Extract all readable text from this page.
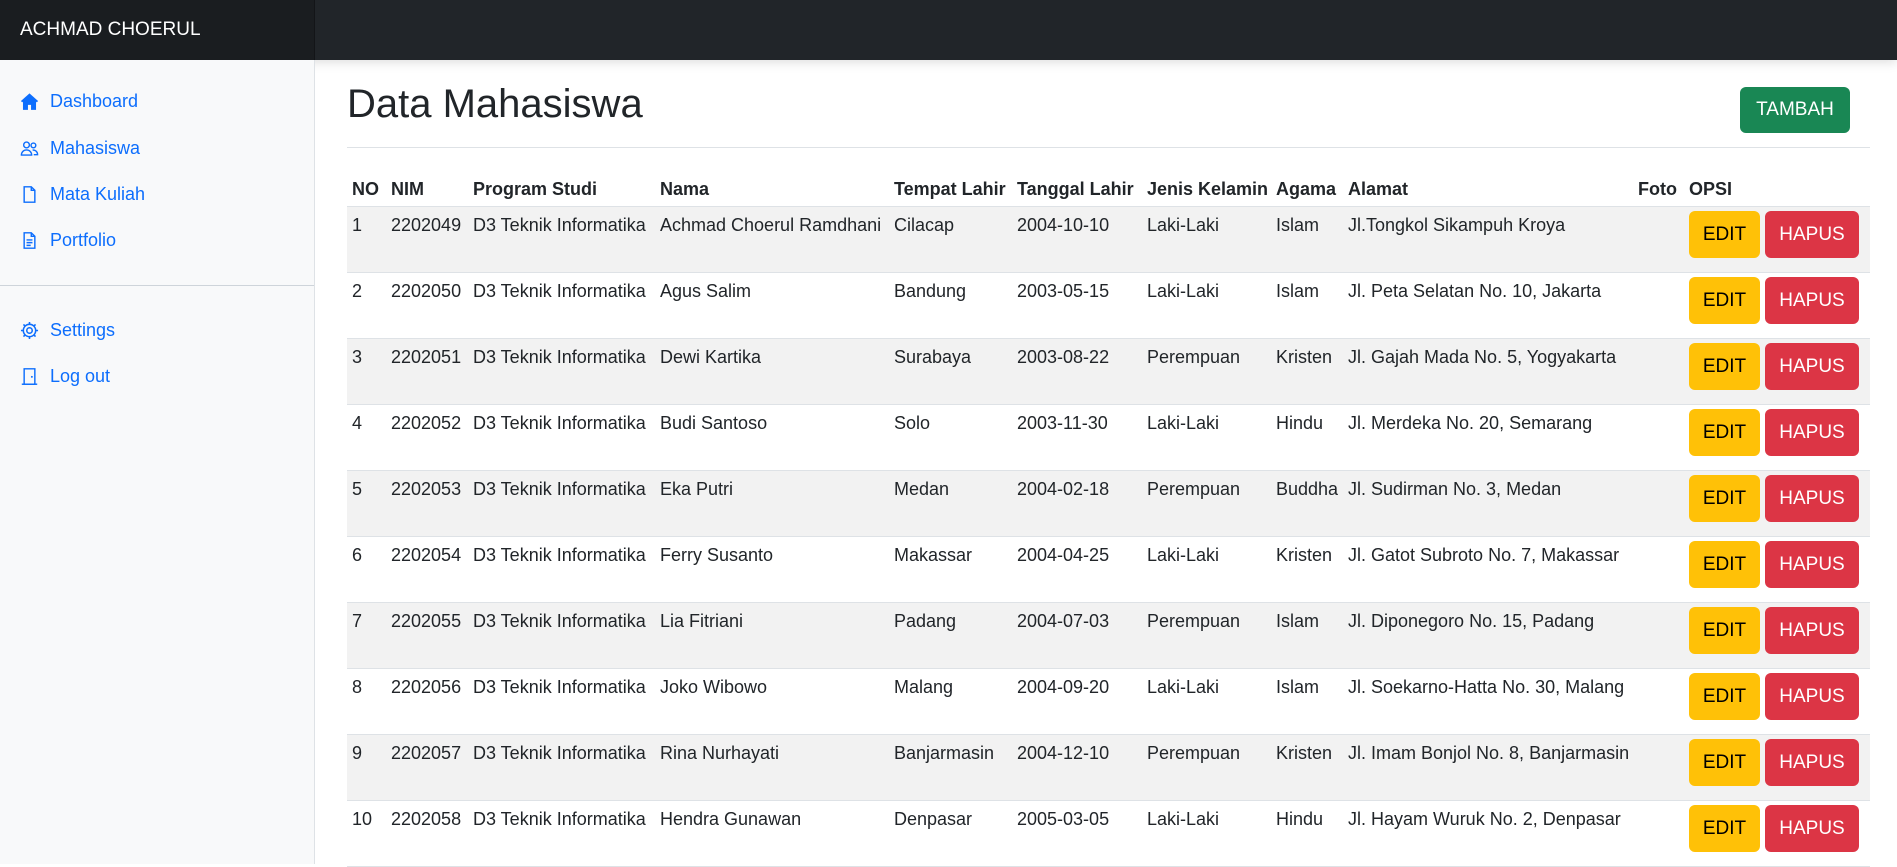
ACHMAD CHOERUL
Dashboard
Mahasiswa
Mata Kuliah
Portfolio
Settings
Log out
Data Mahasiswa	TAMBAH
NO	NIM	Program Studi	Nama	Tempat Lahir	Tanggal Lahir	Jenis Kelamin	Agama	Alamat	Foto	OPSI
1	2202049	D3 Teknik Informatika	Achmad Choerul Ramdhani	Cilacap	2004-10-10	Laki-Laki	Islam	Jl.Tongkol Sikampuh Kroya		EDIT HAPUS
2	2202050	D3 Teknik Informatika	Agus Salim	Bandung	2003-05-15	Laki-Laki	Islam	Jl. Peta Selatan No. 10, Jakarta		EDIT HAPUS
3	2202051	D3 Teknik Informatika	Dewi Kartika	Surabaya	2003-08-22	Perempuan	Kristen	Jl. Gajah Mada No. 5, Yogyakarta		EDIT HAPUS
4	2202052	D3 Teknik Informatika	Budi Santoso	Solo	2003-11-30	Laki-Laki	Hindu	Jl. Merdeka No. 20, Semarang		EDIT HAPUS
5	2202053	D3 Teknik Informatika	Eka Putri	Medan	2004-02-18	Perempuan	Buddha	Jl. Sudirman No. 3, Medan		EDIT HAPUS
6	2202054	D3 Teknik Informatika	Ferry Susanto	Makassar	2004-04-25	Laki-Laki	Kristen	Jl. Gatot Subroto No. 7, Makassar		EDIT HAPUS
7	2202055	D3 Teknik Informatika	Lia Fitriani	Padang	2004-07-03	Perempuan	Islam	Jl. Diponegoro No. 15, Padang		EDIT HAPUS
8	2202056	D3 Teknik Informatika	Joko Wibowo	Malang	2004-09-20	Laki-Laki	Islam	Jl. Soekarno-Hatta No. 30, Malang		EDIT HAPUS
9	2202057	D3 Teknik Informatika	Rina Nurhayati	Banjarmasin	2004-12-10	Perempuan	Kristen	Jl. Imam Bonjol No. 8, Banjarmasin		EDIT HAPUS
10	2202058	D3 Teknik Informatika	Hendra Gunawan	Denpasar	2005-03-05	Laki-Laki	Hindu	Jl. Hayam Wuruk No. 2, Denpasar		EDIT HAPUS
